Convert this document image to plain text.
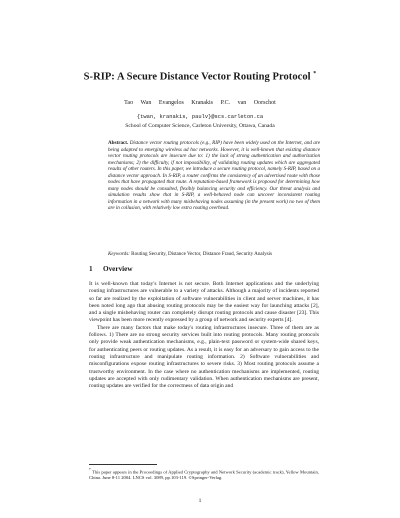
S-RIP: A Secure Distance Vector Routing Protocol *
Tao Wan Evangelos Kranakis P.C. van Oorschot
{twan, kranakis, paulv}@scs.carleton.ca
School of Computer Science, Carleton University, Ottawa, Canada
Abstract. Distance vector routing protocols (e.g., RIP) have been widely used on the Internet, and are being adapted to emerging wireless ad hoc networks. However, it is well-known that existing distance vector routing protocols are insecure due to: 1) the lack of strong authentication and authorization mechanisms; 2) the difficulty, if not impossibility, of validating routing updates which are aggregated results of other routers. In this paper, we introduce a secure routing protocol, namely S-RIP, based on a distance vector approach. In S-RIP, a router confirms the consistency of an advertised route with those nodes that have propagated that route. A reputation-based framework is proposed for determining how many nodes should be consulted, flexibly balancing security and efficiency. Our threat analysis and simulation results show that in S-RIP, a well-behaved node can uncover inconsistent routing information in a network with many misbehaving nodes assuming (in the present work) no two of them are in collusion, with relatively low extra routing overhead.
Keywords: Routing Security, Distance Vector, Distance Fraud, Security Analysis
1 Overview

It is well-known that today's Internet is not secure. Both Internet applications and the underlying routing infrastructures are vulnerable to a variety of attacks. Although a majority of incidents reported so far are realized by the exploitation of software vulnerabilities in client and server machines, it has been noted long ago that abusing routing protocols may be the easiest way for launching attacks [2], and a single misbehaving router can completely disrupt routing protocols and cause disaster [23]. This viewpoint has been more recently expressed by a group of network and security experts [4].

There are many factors that make today's routing infrastructures insecure. Three of them are as follows. 1) There are no strong security services built into routing protocols. Many routing protocols only provide weak authentication mechanisms, e.g., plain-text password or system-wide shared keys, for authenticating peers or routing updates. As a result, it is easy for an adversary to gain access to the routing infrastructure and manipulate routing information. 2) Software vulnerabilities and misconfigurations expose routing infrastructures to severe risks. 3) Most routing protocols assume a trustworthy environment. In the case where no authentication mechanisms are implemented, routing updates are accepted with only rudimentary validation. When authentication mechanisms are present, routing updates are verified for the correctness of data origin and

* This paper appears in the Proceedings of Applied Cryptography and Network Security (academic track), Yellow Mountain, China. June 8-11 2004. LNCS vol. 3089, pp.103-119. ©Springer-Verlag.
1
